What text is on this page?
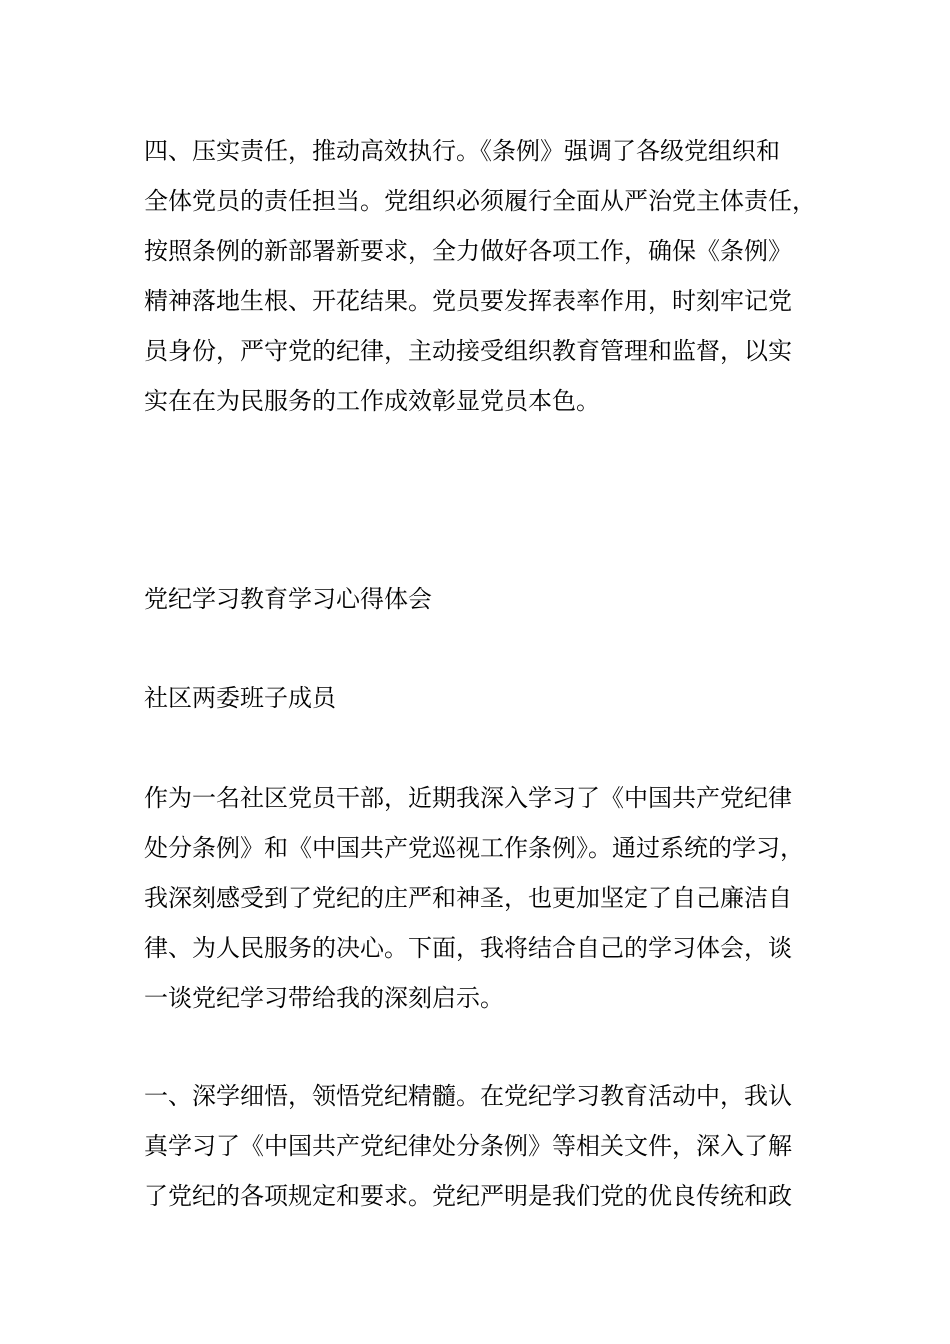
四、压实责任，推动高效执行。《条例》强调了各级党组织和
全体党员的责任担当。党组织必须履行全面从严治党主体责任，
按照条例的新部署新要求，全力做好各项工作，确保《条例》
精神落地生根、开花结果。党员要发挥表率作用，时刻牢记党
员身份，严守党的纪律，主动接受组织教育管理和监督，以实
实在在为民服务的工作成效彰显党员本色。
党纪学习教育学习心得体会
社区两委班子成员
作为一名社区党员干部，近期我深入学习了《中国共产党纪律
处分条例》和《中国共产党巡视工作条例》。通过系统的学习，
我深刻感受到了党纪的庄严和神圣，也更加坚定了自己廉洁自
律、为人民服务的决心。下面，我将结合自己的学习体会，谈
一谈党纪学习带给我的深刻启示。
一、深学细悟，领悟党纪精髓。在党纪学习教育活动中，我认
真学习了《中国共产党纪律处分条例》等相关文件，深入了解
了党纪的各项规定和要求。党纪严明是我们党的优良传统和政
